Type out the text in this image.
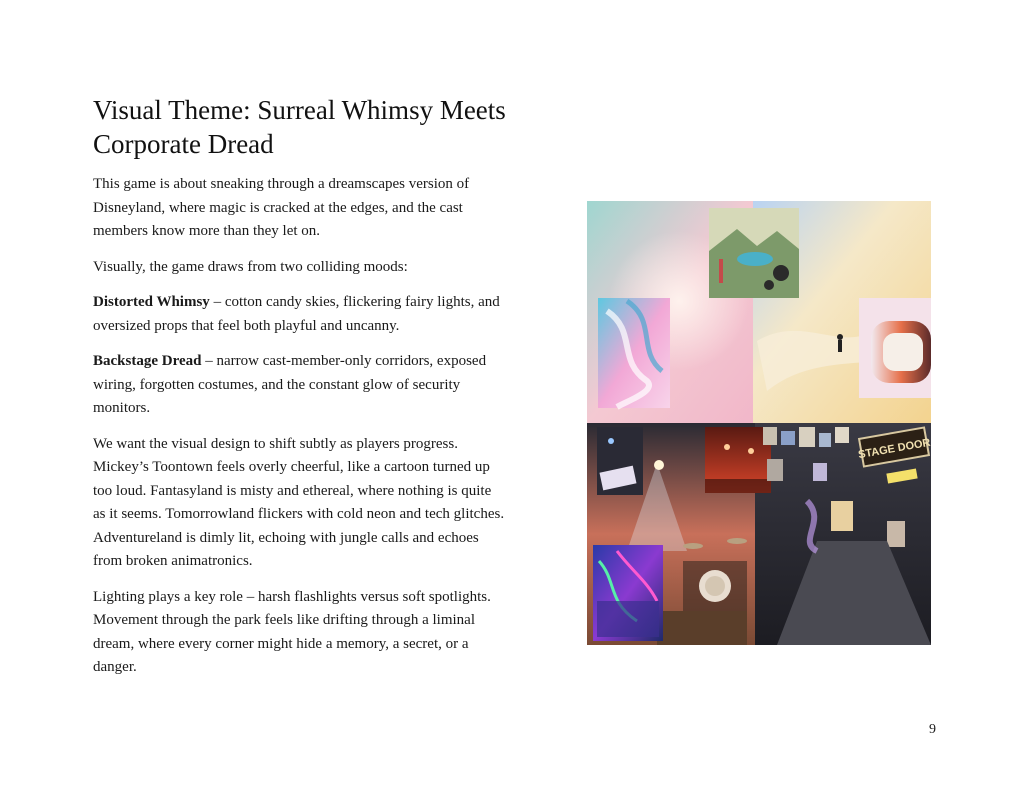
Visual Theme: Surreal Whimsy Meets Corporate Dread

This game is about sneaking through a dreamscapes version of Disneyland, where magic is cracked at the edges, and the cast members know more than they let on.

Visually, the game draws from two colliding moods:

Distorted Whimsy – cotton candy skies, flickering fairy lights, and oversized props that feel both playful and uncanny.

Backstage Dread – narrow cast-member-only corridors, exposed wiring, forgotten costumes, and the constant glow of security monitors.

We want the visual design to shift subtly as players progress. Mickey’s Toontown feels overly cheerful, like a cartoon turned up too loud. Fantasyland is misty and ethereal, where nothing is quite as it seems. Tomorrowland flickers with cold neon and tech glitches. Adventureland is dimly lit, echoing with jungle calls and echoes from broken animatronics.

Lighting plays a key role – harsh flashlights versus soft spotlights. Movement through the park feels like drifting through a liminal dream, where every corner might hide a memory, a secret, or a danger.

STAGE DOOR
9
